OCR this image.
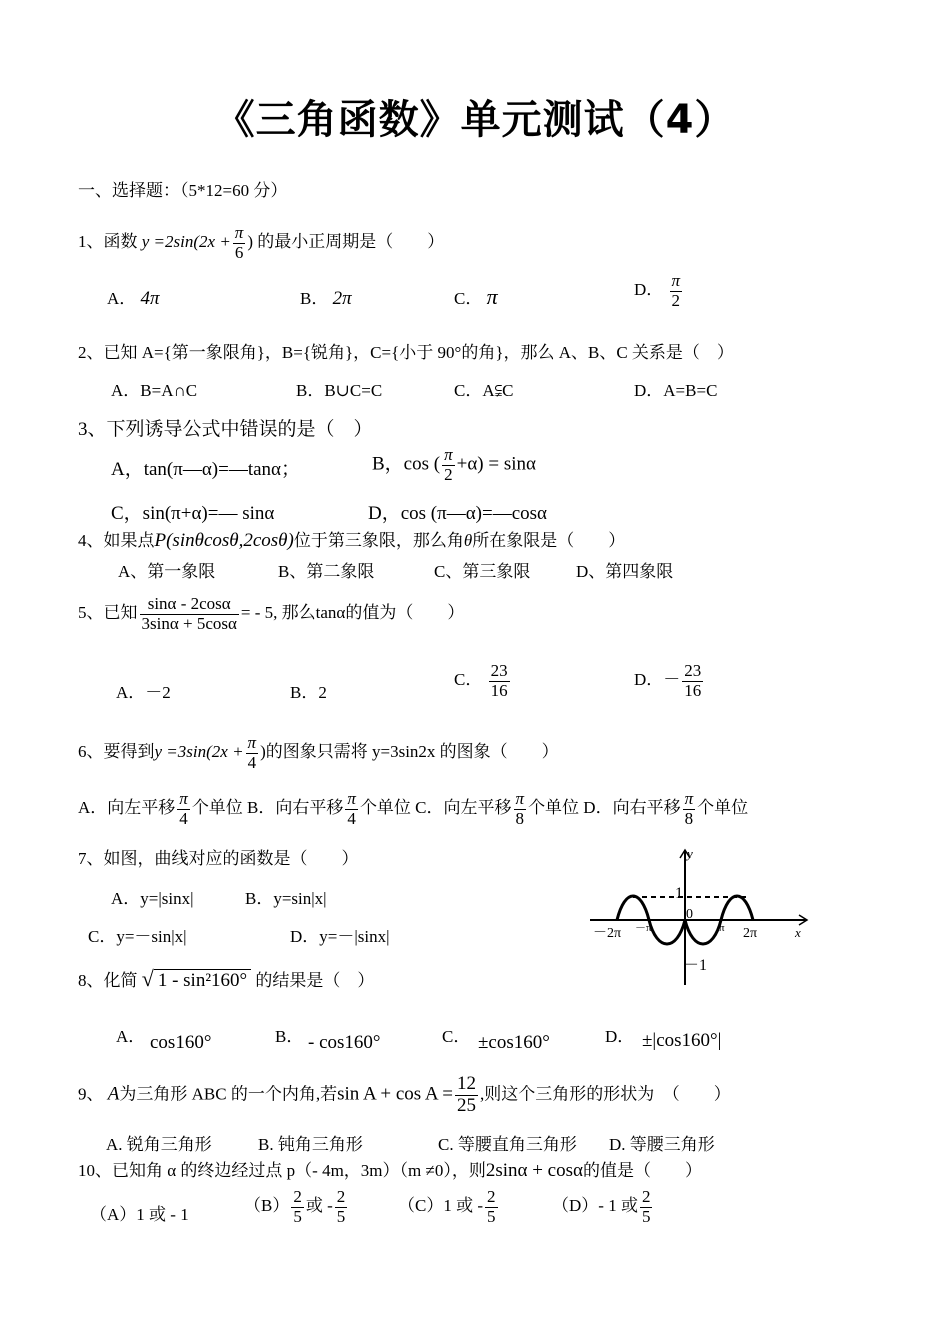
《三角函数》单元测试（4）
一、选择题：（5*12=60 分）
1、函数 $y =2\sin(2x + \frac{\pi}{6}$ ) 的最小正周期是（　　）
A． 4π	B． 2π	C． π	D． $\frac{\pi}{2}$
2、已知 A={第一象限角}，B={锐角}，C={小于 90°的角}，那么 A、B、C 关系是（　）
A．B=A∩C	B．B∪C=C	C．A⫋C	D．A=B=C
3、下列诱导公式中错误的是（　）
A，tan(π—α)=—tanα；	B，cos ( $\frac{\pi}{2} +\alpha) = \sin\alpha$
C，sin(π+α)=— sinα	D，cos (π—α)=—cosα
4、如果点P(sinθcosθ,2cosθ)位于第三象限，那么角θ所在象限是（　　）
A、第一象限	B、第二象限	C、第三象限	D、第四象限
5、已知 $\frac{\sin\alpha - 2\cos\alpha}{3\sin\alpha + 5\cos\alpha}$ = - 5, 那么tanα的值为（　　）
A．－2	B．2
C． $\frac{23}{16}$	D．－ $\frac{23}{16}$
6、要得到$y =3\sin(2x + \frac{\pi}{4}$ )的图象只需将 y=3sin2x 的图象（　　）
A．向左平移 $\frac{\pi}{4}$ 个单位 B．向右平移 $\frac{\pi}{4}$ 个单位 C．向左平移 $\frac{\pi}{8}$ 个单位 D．向右平移 $\frac{\pi}{8}$ 个单位
7、如图，曲线对应的函数是（　　）
A．y=|sinx|	B．y=sin|x|
C．y=－sin|x|	D．y=－|sinx|
y
x
1
0
－1
－2π －π	π 2π
8、化简 √ 1 - sin²160° 的结果是（　）
A． cos160°	B． - cos160°	C． ±cos160°	D． ±|cos160°|
9、 A为三角形 ABC 的一个内角,若$\sin A + \cos A = \frac{12}{25}$ ,则这个三角形的形状为　（　　）
A. 锐角三角形	B. 钝角三角形	C. 等腰直角三角形 D. 等腰三角形
10、已知角 α 的终边经过点 p（- 4m，3m）（m ≠0），则2sinα + cosα的值是（　　）
（A）1 或 - 1	$(B) \frac{2}{5}$ 或 - $\frac{2}{5}$	（C）1 或 - $\frac{2}{5}$	（D）- 1 或 $\frac{2}{5}$
